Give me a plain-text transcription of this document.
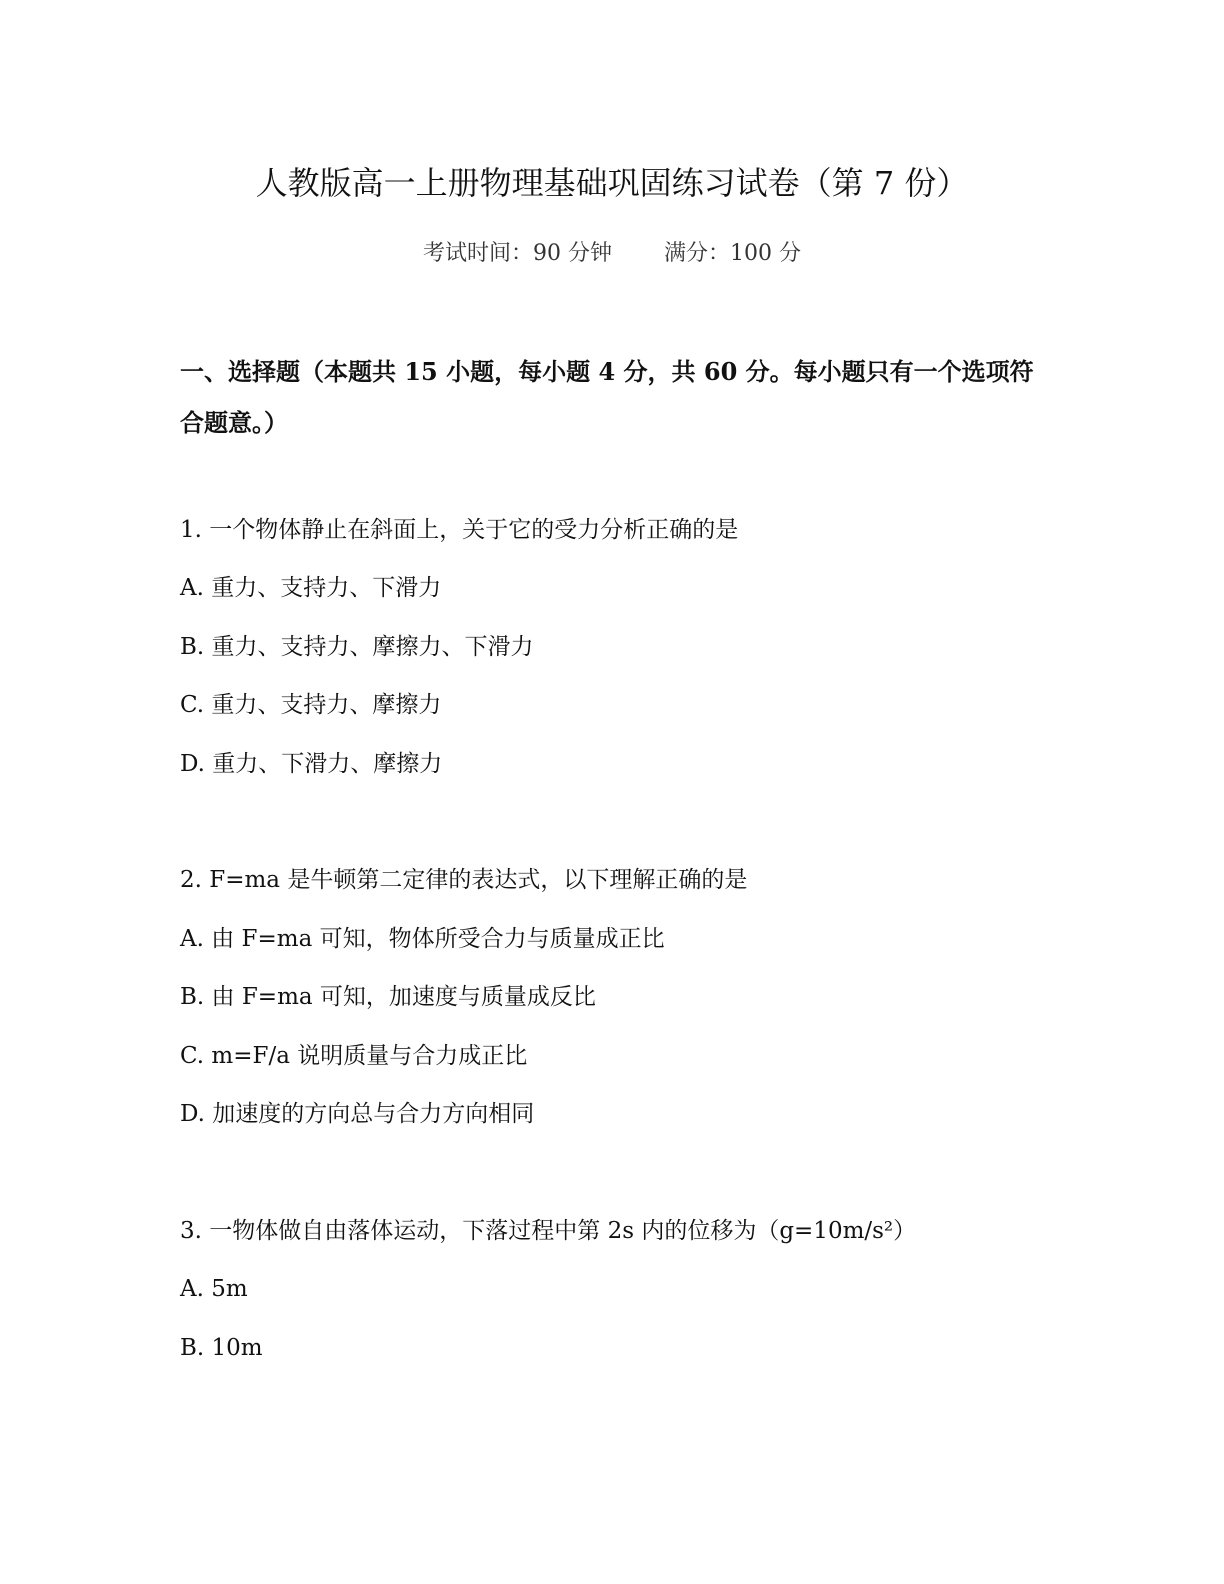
人教版高一上册物理基础巩固练习试卷（第 7 份）
考试时间：90 分钟 满分：100 分
一、选择题（本题共 15 小题，每小题 4 分，共 60 分。每小题只有一个选项符合题意。）
1. 一个物体静止在斜面上，关于它的受力分析正确的是
A. 重力、支持力、下滑力
B. 重力、支持力、摩擦力、下滑力
C. 重力、支持力、摩擦力
D. 重力、下滑力、摩擦力
2. F=ma 是牛顿第二定律的表达式，以下理解正确的是
A. 由 F=ma 可知，物体所受合力与质量成正比
B. 由 F=ma 可知，加速度与质量成反比
C. m=F/a 说明质量与合力成正比
D. 加速度的方向总与合力方向相同
3. 一物体做自由落体运动，下落过程中第 2s 内的位移为（g=10m/s²）
A. 5m
B. 10m
